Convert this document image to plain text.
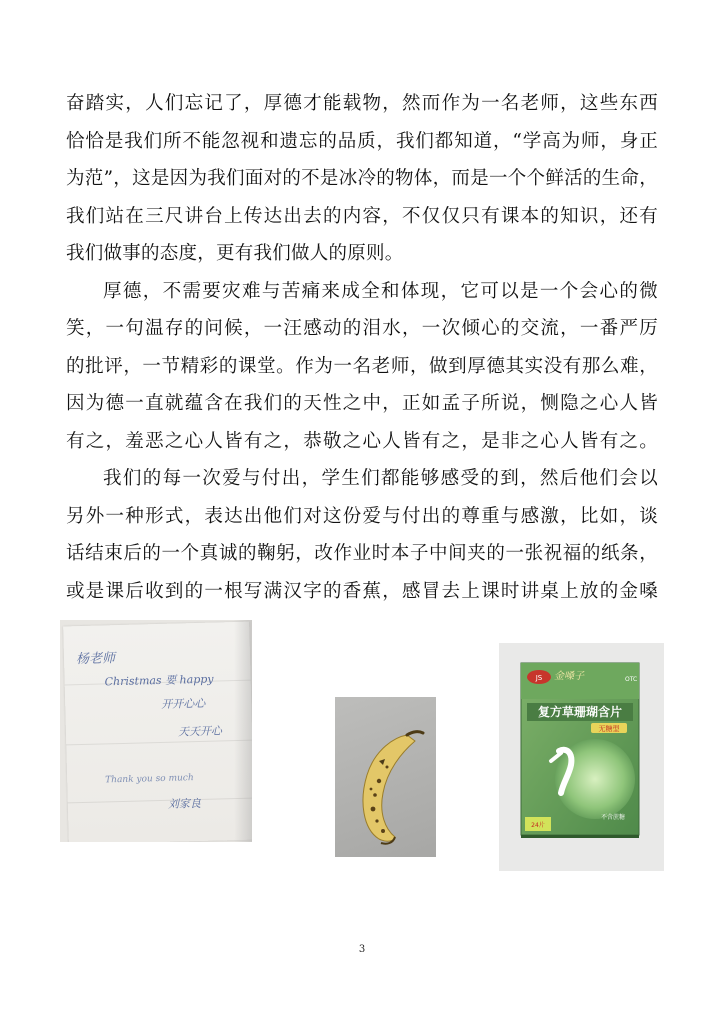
奋踏实，人们忘记了，厚德才能载物，然而作为一名老师，这些东西
恰恰是我们所不能忽视和遗忘的品质，我们都知道，“学高为师，身正
为范”，这是因为我们面对的不是冰冷的物体，而是一个个鲜活的生命，
我们站在三尺讲台上传达出去的内容，不仅仅只有课本的知识，还有
我们做事的态度，更有我们做人的原则。
厚德，不需要灾难与苦痛来成全和体现，它可以是一个会心的微
笑，一句温存的问候，一汪感动的泪水，一次倾心的交流，一番严厉
的批评，一节精彩的课堂。作为一名老师，做到厚德其实没有那么难，
因为德一直就蕴含在我们的天性之中，正如孟子所说，恻隐之心人皆
有之，羞恶之心人皆有之，恭敬之心人皆有之，是非之心人皆有之。
我们的每一次爱与付出，学生们都能够感受的到，然后他们会以
另外一种形式，表达出他们对这份爱与付出的尊重与感激，比如，谈
话结束后的一个真诚的鞠躬，改作业时本子中间夹的一张祝福的纸条，
或是课后收到的一根写满汉字的香蕉，感冒去上课时讲桌上放的金嗓
杨老师
Christmas 要 happy
开开心心
天天开心
Thank you so much
刘家良
JS 金嗓子	OTC
复方草珊瑚含片
无糖型
24片
不含蔗糖
3
